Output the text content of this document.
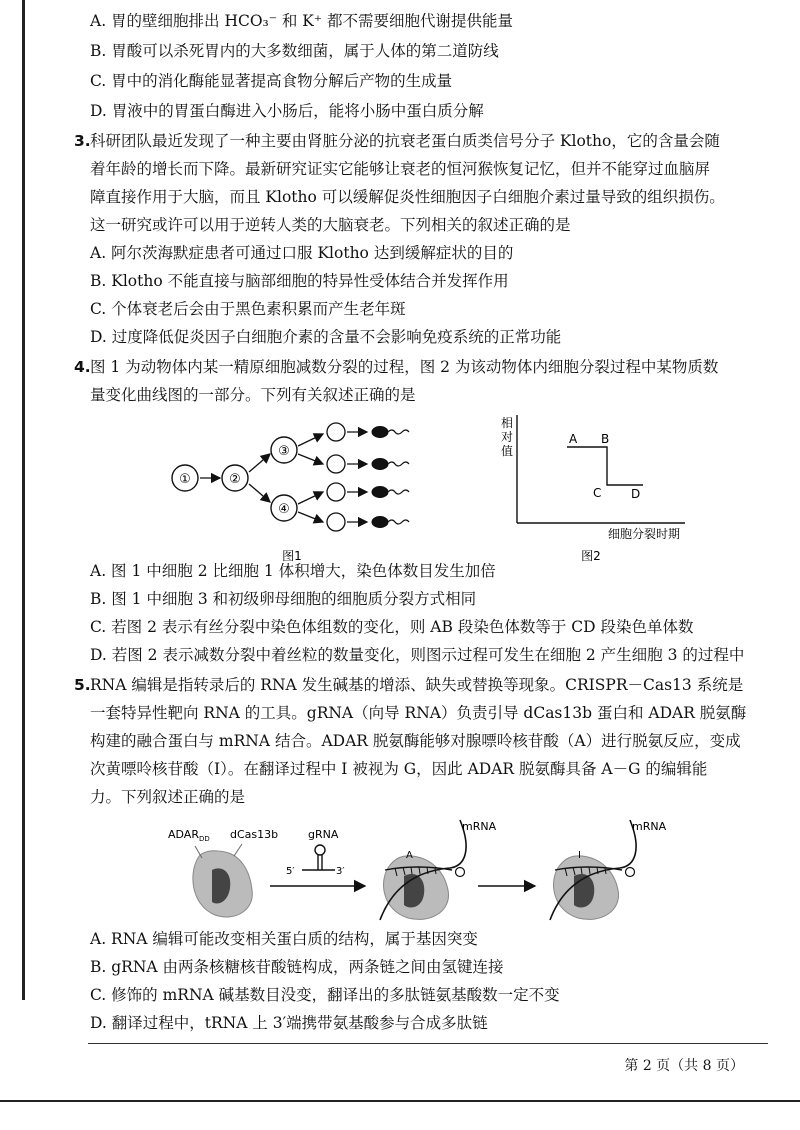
A. 胃的壁细胞排出 HCO₃⁻ 和 K⁺ 都不需要细胞代谢提供能量
B. 胃酸可以杀死胃内的大多数细菌，属于人体的第二道防线
C. 胃中的消化酶能显著提高食物分解后产物的生成量
D. 胃液中的胃蛋白酶进入小肠后，能将小肠中蛋白质分解
3. 科研团队最近发现了一种主要由肾脏分泌的抗衰老蛋白质类信号分子 Klotho，它的含量会随
着年龄的增长而下降。最新研究证实它能够让衰老的恒河猴恢复记忆，但并不能穿过血脑屏
障直接作用于大脑，而且 Klotho 可以缓解促炎性细胞因子白细胞介素过量导致的组织损伤。
这一研究或许可以用于逆转人类的大脑衰老。下列相关的叙述正确的是
A. 阿尔茨海默症患者可通过口服 Klotho 达到缓解症状的目的
B. Klotho 不能直接与脑部细胞的特异性受体结合并发挥作用
C. 个体衰老后会由于黑色素积累而产生老年斑
D. 过度降低促炎因子白细胞介素的含量不会影响免疫系统的正常功能
4. 图 1 为动物体内某一精原细胞减数分裂的过程，图 2 为该动物体内细胞分裂过程中某物质数
量变化曲线图的一部分。下列有关叙述正确的是
①	②
③
④
图1
相
对
值
A B
C D
细胞分裂时期
图2
A. 图 1 中细胞 2 比细胞 1 体积增大，染色体数目发生加倍
B. 图 1 中细胞 3 和初级卵母细胞的细胞质分裂方式相同
C. 若图 2 表示有丝分裂中染色体组数的变化，则 AB 段染色体数等于 CD 段染色单体数
D. 若图 2 表示减数分裂中着丝粒的数量变化，则图示过程可发生在细胞 2 产生细胞 3 的过程中
5. RNA 编辑是指转录后的 RNA 发生碱基的增添、缺失或替换等现象。CRISPR－Cas13 系统是
一套特异性靶向 RNA 的工具。gRNA（向导 RNA）负责引导 dCas13b 蛋白和 ADAR 脱氨酶
构建的融合蛋白与 mRNA 结合。ADAR 脱氨酶能够对腺嘌呤核苷酸（A）进行脱氨反应，变成
次黄嘌呤核苷酸（Ⅰ）。在翻译过程中 Ⅰ 被视为 G，因此 ADAR 脱氨酶具备 A－G 的编辑能
力。下列叙述正确的是
$ADAR_{DD}$ dCas13b	gRNA
5′	3′
A
mRNA
I
mRNA
A. RNA 编辑可能改变相关蛋白质的结构，属于基因突变
B. gRNA 由两条核糖核苷酸链构成，两条链之间由氢键连接
C. 修饰的 mRNA 碱基数目没变，翻译出的多肽链氨基酸数一定不变
D. 翻译过程中，tRNA 上 3′端携带氨基酸参与合成多肽链
第 2 页（共 8 页）
